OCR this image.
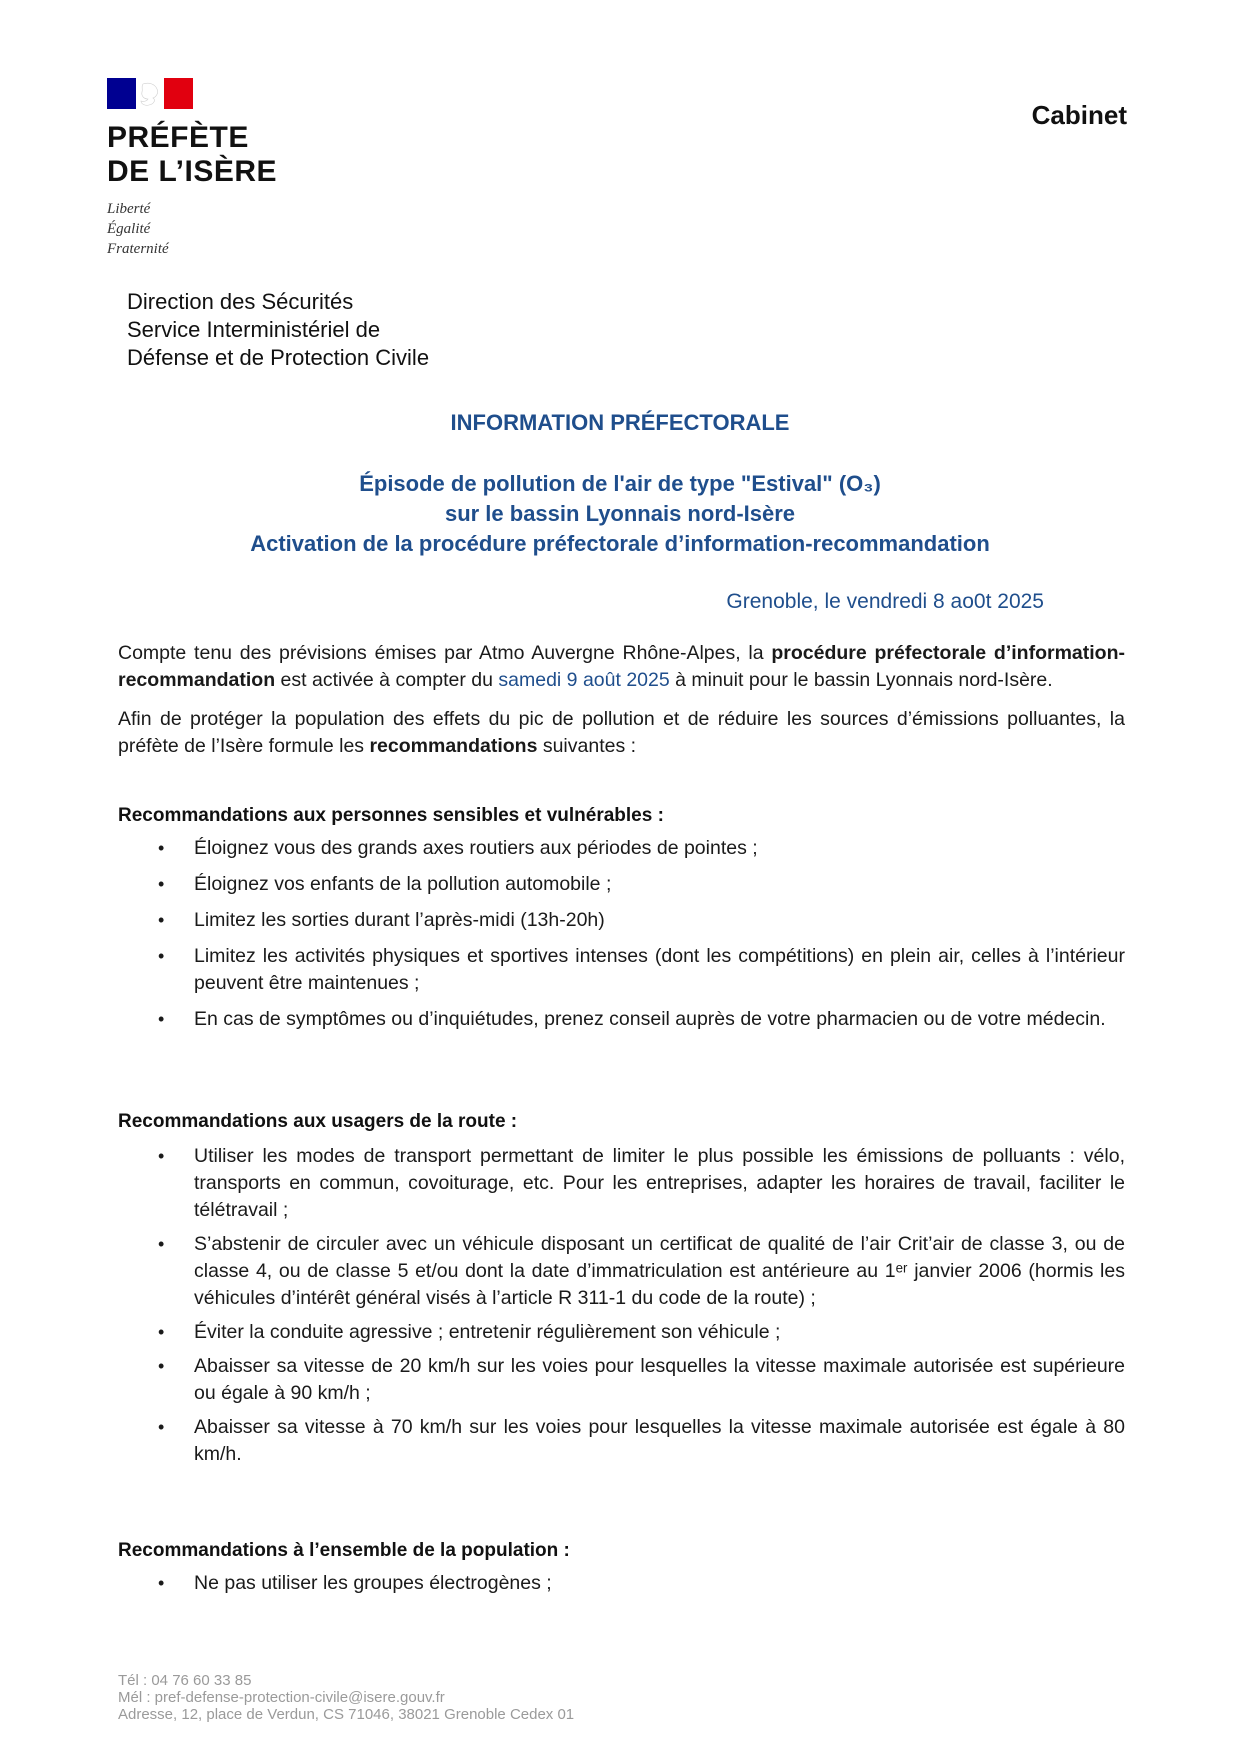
PRÉFÈTE
DE L’ISÈRE
Liberté
Égalité
Fraternité
Cabinet
Direction des Sécurités
Service Interministériel de
Défense et de Protection Civile
INFORMATION PRÉFECTORALE
Épisode de pollution de l'air de type "Estival" (O₃)
sur le bassin Lyonnais nord-Isère
Activation de la procédure préfectorale d’information-recommandation
Grenoble, le vendredi 8 ao0t 2025

Compte tenu des prévisions émises par Atmo Auvergne Rhône-Alpes, la procédure préfectorale d’information-recommandation est activée à compter du samedi 9 août 2025 à minuit pour le bassin Lyonnais nord-Isère.

Afin de protéger la population des effets du pic de pollution et de réduire les sources d’émissions polluantes, la préfète de l’Isère formule les recommandations suivantes :

Recommandations aux personnes sensibles et vulnérables :
• Éloignez vous des grands axes routiers aux périodes de pointes ;
• Éloignez vos enfants de la pollution automobile ;
• Limitez les sorties durant l’après-midi (13h-20h)
• Limitez les activités physiques et sportives intenses (dont les compétitions) en plein air, celles à l’intérieur peuvent être maintenues ;
• En cas de symptômes ou d’inquiétudes, prenez conseil auprès de votre pharmacien ou de votre médecin.
Recommandations aux usagers de la route :
• Utiliser les modes de transport permettant de limiter le plus possible les émissions de polluants : vélo, transports en commun, covoiturage, etc. Pour les entreprises, adapter les horaires de travail, faciliter le télétravail ;
• S’abstenir de circuler avec un véhicule disposant un certificat de qualité de l’air Crit’air de classe 3, ou de classe 4, ou de classe 5 et/ou dont la date d’immatriculation est antérieure au 1ᵉʳ janvier 2006 (hormis les véhicules d’intérêt général visés à l’article R 311-1 du code de la route) ;
• Éviter la conduite agressive ; entretenir régulièrement son véhicule ;
• Abaisser sa vitesse de 20 km/h sur les voies pour lesquelles la vitesse maximale autorisée est supérieure ou égale à 90 km/h ;
• Abaisser sa vitesse à 70 km/h sur les voies pour lesquelles la vitesse maximale autorisée est égale à 80 km/h.
Recommandations à l’ensemble de la population :
• Ne pas utiliser les groupes électrogènes ;
Tél : 04 76 60 33 85
Mél : pref-defense-protection-civile@isere.gouv.fr
Adresse, 12, place de Verdun, CS 71046, 38021 Grenoble Cedex 01
